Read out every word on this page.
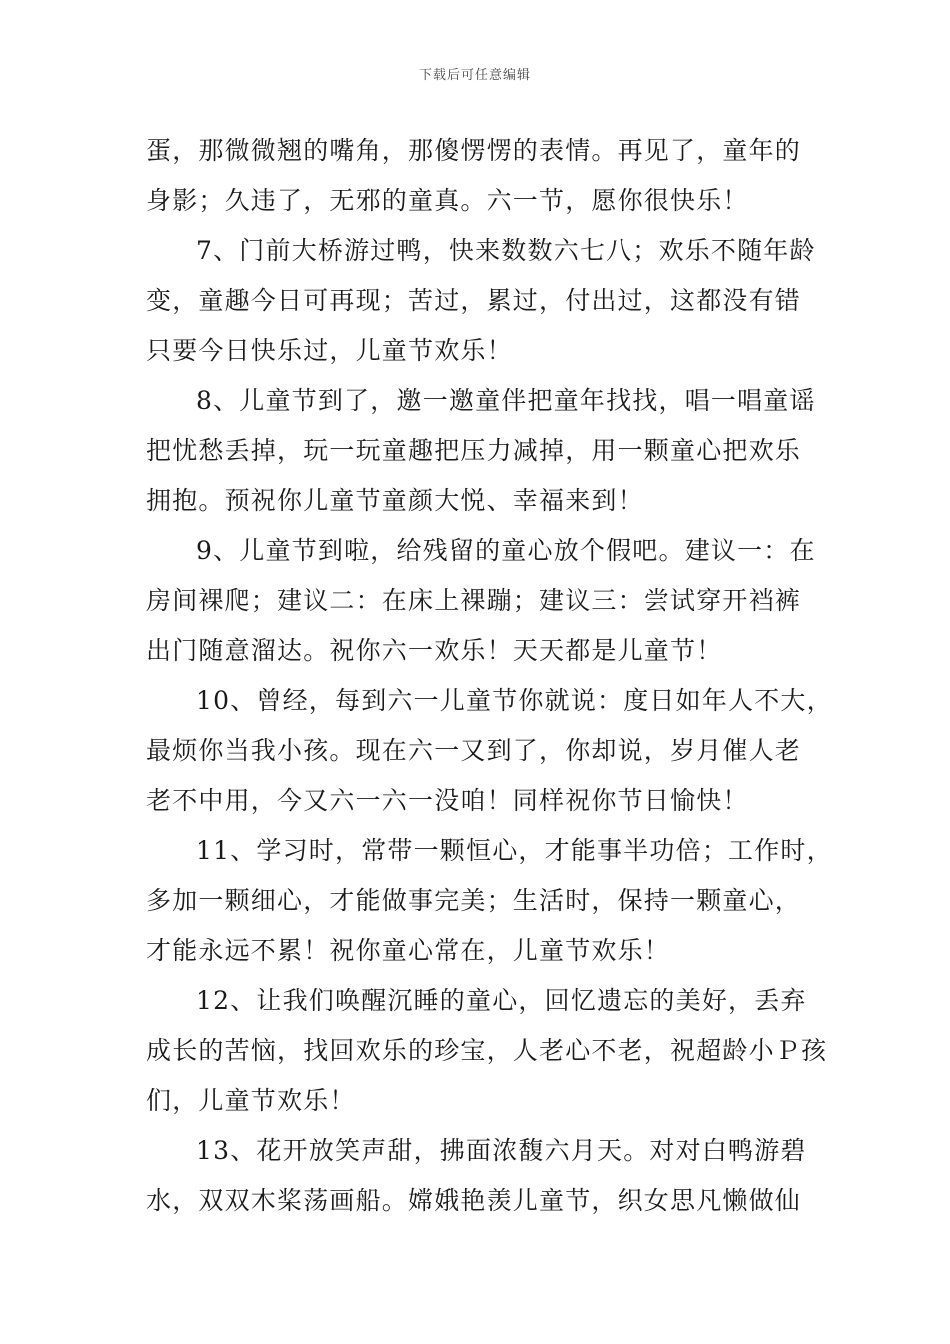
下载后可任意编辑
蛋，那微微翘的嘴角，那傻愣愣的表情。再见了，童年的
身影；久违了，无邪的童真。六一节，愿你很快乐！
7、门前大桥游过鸭，快来数数六七八；欢乐不随年龄
变，童趣今日可再现；苦过，累过，付出过，这都没有错
只要今日快乐过，儿童节欢乐！
8、儿童节到了，邀一邀童伴把童年找找，唱一唱童谣
把忧愁丢掉，玩一玩童趣把压力减掉，用一颗童心把欢乐
拥抱。预祝你儿童节童颜大悦、幸福来到！
9、儿童节到啦，给残留的童心放个假吧。建议一：在
房间裸爬；建议二：在床上裸蹦；建议三：尝试穿开裆裤
出门随意溜达。祝你六一欢乐！天天都是儿童节！
10、曾经，每到六一儿童节你就说：度日如年人不大，
最烦你当我小孩。现在六一又到了，你却说，岁月催人老
老不中用，今又六一六一没咱！同样祝你节日愉快！
11、学习时，常带一颗恒心，才能事半功倍；工作时，
多加一颗细心，才能做事完美；生活时，保持一颗童心，
才能永远不累！祝你童心常在，儿童节欢乐！
12、让我们唤醒沉睡的童心，回忆遗忘的美好，丢弃
成长的苦恼，找回欢乐的珍宝，人老心不老，祝超龄小Ｐ孩
们，儿童节欢乐！
13、花开放笑声甜，拂面浓馥六月天。对对白鸭游碧
水，双双木桨荡画船。嫦娥艳羡儿童节，织女思凡懒做仙
